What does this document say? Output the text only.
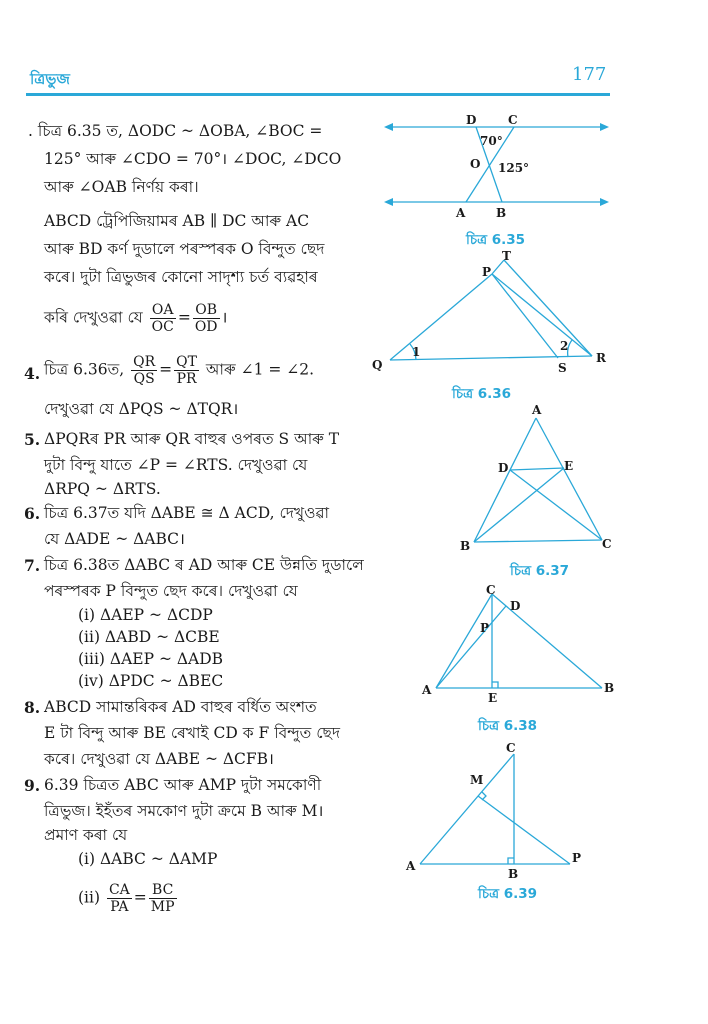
ত্ৰিভুজ	177
. চিত্ৰ 6.35 ত, ΔODC ~ ΔOBA, ∠BOC =
125° আৰু ∠CDO = 70°। ∠DOC, ∠DCO
আৰু ∠OAB নিৰ্ণয় কৰা।
ABCD ট্ৰেপিজিয়ামৰ AB ∥ DC আৰু AC
আৰু BD কৰ্ণ দুডালে পৰস্পৰক O বিন্দুত ছেদ
কৰে। দুটা ত্ৰিভুজৰ কোনো সাদৃশ্য চৰ্ত ব্যৱহাৰ
কৰি দেখুওৱা যে $\frac{OA}{OC} = \frac{OB}{OD}$ ।
4. চিত্ৰ 6.36ত, $\frac{QR}{QS} = \frac{QT}{PR}$ আৰু ∠1 = ∠2.
দেখুওৱা যে ΔPQS ~ ΔTQR।
5. ΔPQRৰ PR আৰু QR বাহুৰ ওপৰত S আৰু T
দুটা বিন্দু যাতে ∠P = ∠RTS. দেখুওৱা যে
ΔRPQ ~ ΔRTS.
6. চিত্ৰ 6.37ত যদি ΔABE ≅ Δ ACD, দেখুওৱা
যে ΔADE ~ ΔABC।
7. চিত্ৰ 6.38ত ΔABC ৰ AD আৰু CE উন্নতি দুডালে
পৰস্পৰক P বিন্দুত ছেদ কৰে। দেখুওৱা যে
(i) ΔAEP ~ ΔCDP
(ii) ΔABD ~ ΔCBE
(iii) ΔAEP ~ ΔADB
(iv) ΔPDC ~ ΔBEC
8. ABCD সামান্তৰিকৰ AD বাহুৰ বৰ্ধিত অংশত
E টা বিন্দু আৰু BE ৰেখাই CD ক F বিন্দুত ছেদ
কৰে। দেখুওৱা যে ΔABE ~ ΔCFB।
9. 6.39 চিত্ৰত ABC আৰু AMP দুটা সমকোণী
ত্ৰিভুজ। ইহঁতৰ সমকোণ দুটা ক্ৰমে B আৰু M।
প্ৰমাণ কৰা যে
(i) ΔABC ~ ΔAMP
$(ii) \frac{CA}{PA} = \frac{BC}{MP}$
D	C
70°
O 125°
A	B
চিত্ৰ 6.35
P
T
Q
1	2
R
S
চিত্ৰ 6.36
A
D	E
B	C
চিত্ৰ 6.37
C
D
P
A
E
B
চিত্ৰ 6.38
C
M
A
B
P
চিত্ৰ 6.39
